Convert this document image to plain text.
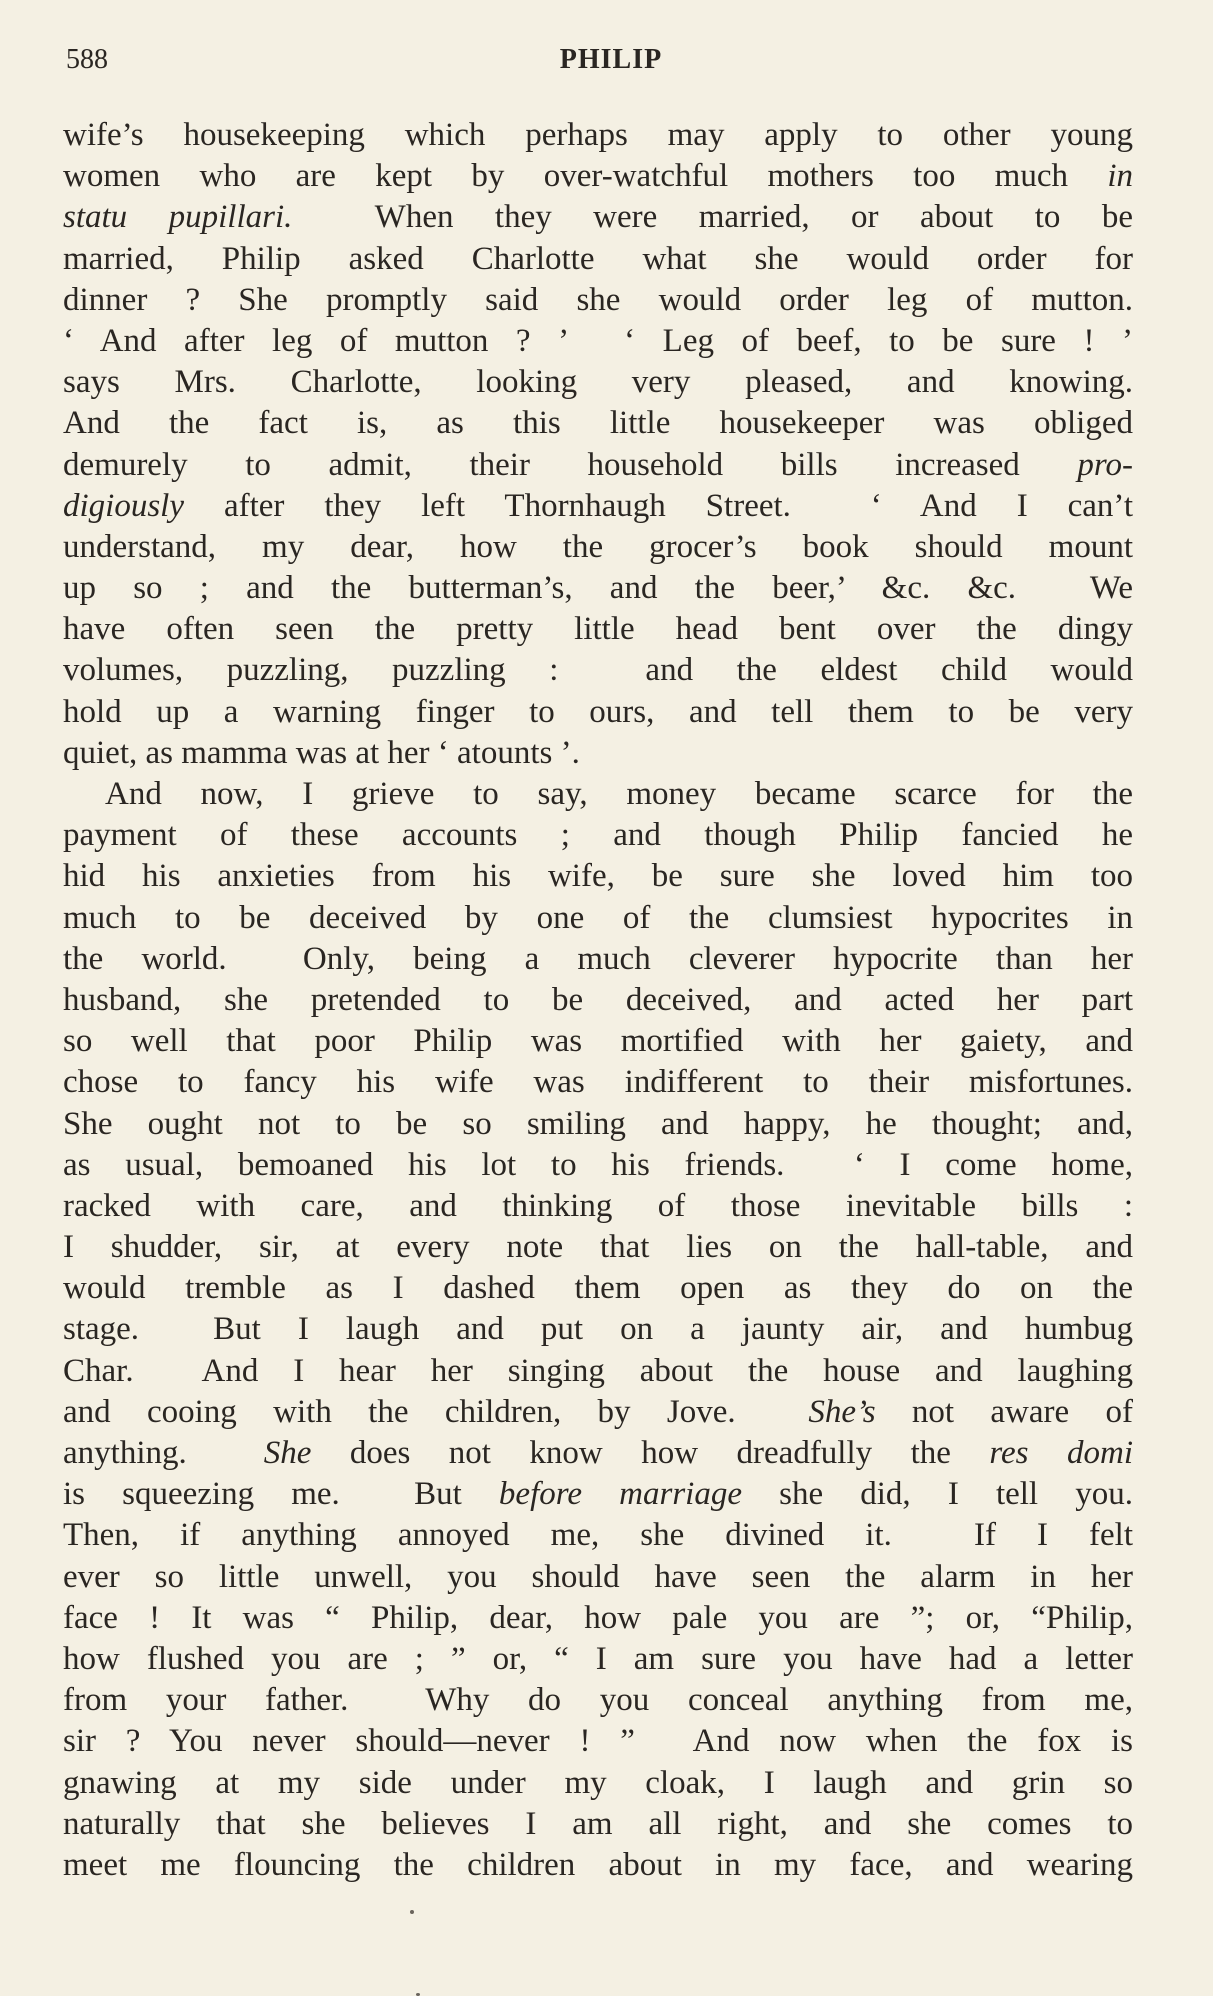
588	PHILIP
wife’s housekeeping which perhaps may apply to other young
women who are kept by over-watchful mothers too much in
statu pupillari.  When they were married, or about to be
married, Philip asked Charlotte what she would order for
dinner ? She promptly said she would order leg of mutton.
‘ And after leg of mutton ? ’  ‘ Leg of beef, to be sure ! ’
says Mrs. Charlotte, looking very pleased, and knowing.
And the fact is, as this little housekeeper was obliged
demurely to admit, their household bills increased pro-
digiously after they left Thornhaugh Street.  ‘ And I can’t
understand, my dear, how the grocer’s book should mount
up so ; and the butterman’s, and the beer,’ &c. &c.  We
have often seen the pretty little head bent over the dingy
volumes, puzzling, puzzling :  and the eldest child would
hold up a warning finger to ours, and tell them to be very
quiet, as mamma was at her ‘ atounts ’.
And now, I grieve to say, money became scarce for the
payment of these accounts ; and though Philip fancied he
hid his anxieties from his wife, be sure she loved him too
much to be deceived by one of the clumsiest hypocrites in
the world.  Only, being a much cleverer hypocrite than her
husband, she pretended to be deceived, and acted her part
so well that poor Philip was mortified with her gaiety, and
chose to fancy his wife was indifferent to their misfortunes.
She ought not to be so smiling and happy, he thought; and,
as usual, bemoaned his lot to his friends.  ‘ I come home,
racked with care, and thinking of those inevitable bills :
I shudder, sir, at every note that lies on the hall-table, and
would tremble as I dashed them open as they do on the
stage.  But I laugh and put on a jaunty air, and humbug
Char.  And I hear her singing about the house and laughing
and cooing with the children, by Jove.  She’s not aware of
anything.  She does not know how dreadfully the res domi
is squeezing me.  But before marriage she did, I tell you.
Then, if anything annoyed me, she divined it.  If I felt
ever so little unwell, you should have seen the alarm in her
face ! It was “ Philip, dear, how pale you are ”; or, “Philip,
how flushed you are ; ” or, “ I am sure you have had a letter
from your father.  Why do you conceal anything from me,
sir ? You never should—never ! ”  And now when the fox is
gnawing at my side under my cloak, I laugh and grin so
naturally that she believes I am all right, and she comes to
meet me flouncing the children about in my face, and wearing
